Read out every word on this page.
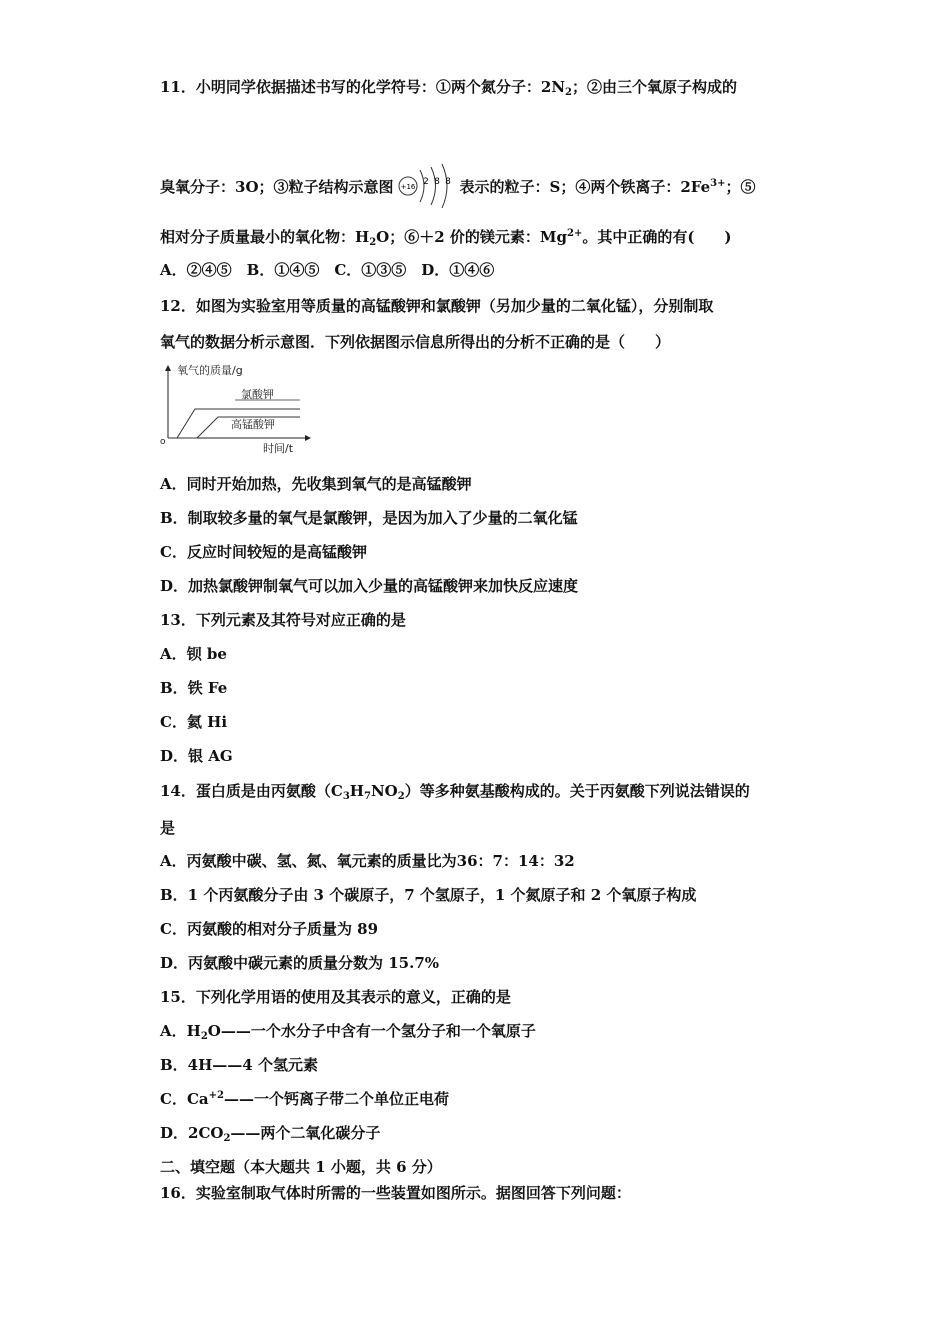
11．小明同学依据描述书写的化学符号：①两个氮分子：$2N_2$；②由三个氧原子构成的
臭氧分子：3O；③粒子结构示意图 +16 2 8 8 表示的粒子：S；④两个铁离子：$2Fe^{3+}$；⑤
相对分子质量最小的氧化物：$H_2O$；⑥＋2 价的镁元素：$Mg^{2+}$。其中正确的有(　　)
A．②④⑤　B．①④⑤　C．①③⑤　D．①④⑥
12．如图为实验室用等质量的高锰酸钾和氯酸钾（另加少量的二氧化锰），分别制取
氧气的数据分析示意图．下列依据图示信息所得出的分析不正确的是（　　）
氧气的质量/g
时间/t
o
氯酸钾
高锰酸钾
A．同时开始加热，先收集到氧气的是高锰酸钾
B．制取较多量的氧气是氯酸钾，是因为加入了少量的二氧化锰
C．反应时间较短的是高锰酸钾
D．加热氯酸钾制氧气可以加入少量的高锰酸钾来加快反应速度
13．下列元素及其符号对应正确的是
A．钡 be
B．铁 Fe
C．氦 Hi
D．银 AG
14．蛋白质是由丙氨酸$(C_3H_7NO_2)$等多种氨基酸构成的。关于丙氨酸下列说法错误的
是
A．丙氨酸中碳、氢、氮、氧元素的质量比为36：7：14：32
B．1 个丙氨酸分子由 3 个碳原子，7 个氢原子，1 个氮原子和 2 个氧原子构成
C．丙氨酸的相对分子质量为 89
D．丙氨酸中碳元素的质量分数为 15.7%
15．下列化学用语的使用及其表示的意义，正确的是
A．$H_2O——$一个水分子中含有一个氢分子和一个氧原子
B．4H——4 个氢元素
C．$Ca^{+2}——$一个钙离子带二个单位正电荷
D．$2CO_2——$两个二氧化碳分子
二、填空题（本大题共 1 小题，共 6 分）
16．实验室制取气体时所需的一些装置如图所示。据图回答下列问题：
